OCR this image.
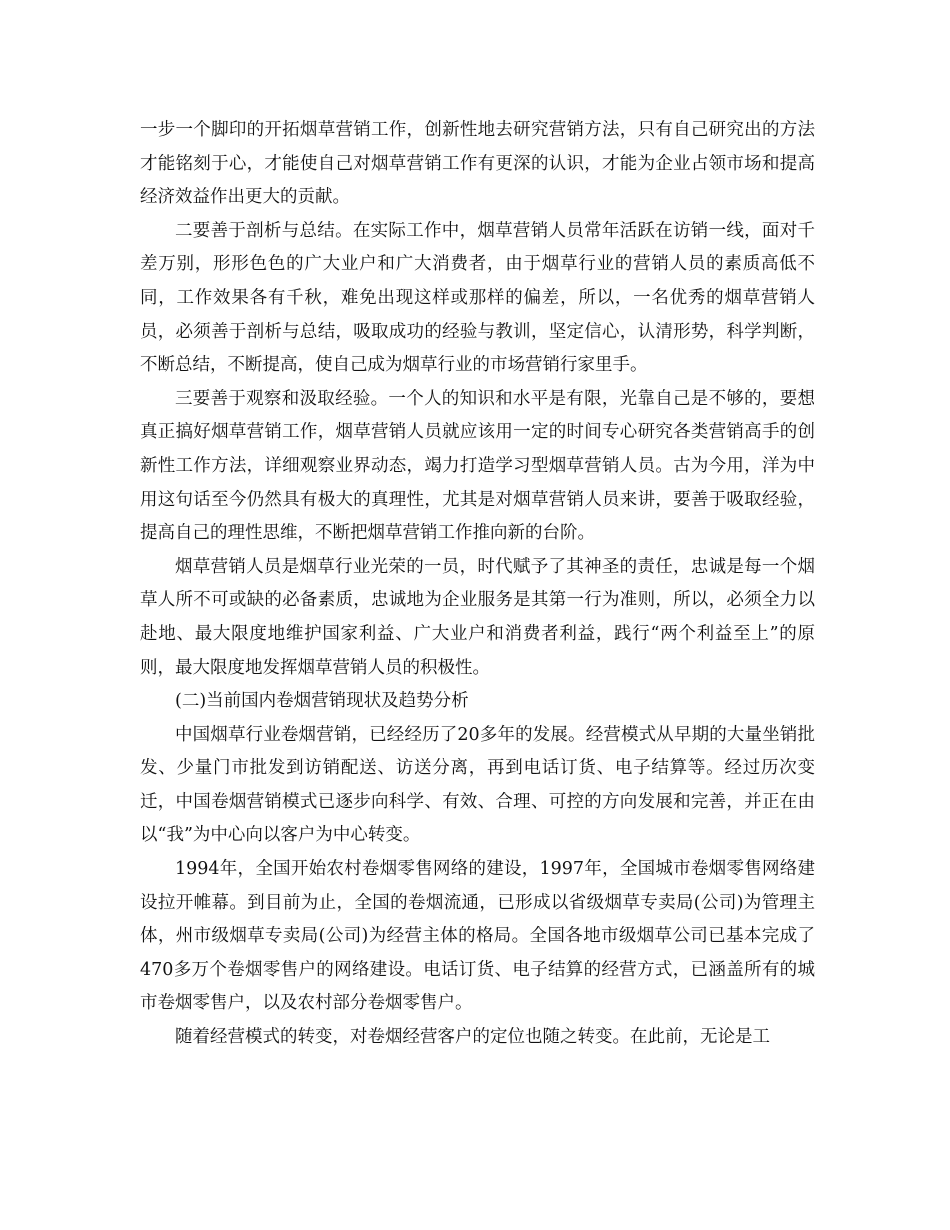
一步一个脚印的开拓烟草营销工作，创新性地去研究营销方法，只有自己研究出的方法才能铭刻于心，才能使自己对烟草营销工作有更深的认识，才能为企业占领市场和提高经济效益作出更大的贡献。

二要善于剖析与总结。在实际工作中，烟草营销人员常年活跃在访销一线，面对千差万别，形形色色的广大业户和广大消费者，由于烟草行业的营销人员的素质高低不同，工作效果各有千秋，难免出现这样或那样的偏差，所以，一名优秀的烟草营销人员，必须善于剖析与总结，吸取成功的经验与教训，坚定信心，认清形势，科学判断，不断总结，不断提高，使自己成为烟草行业的市场营销行家里手。

三要善于观察和汲取经验。一个人的知识和水平是有限，光靠自己是不够的，要想真正搞好烟草营销工作，烟草营销人员就应该用一定的时间专心研究各类营销高手的创新性工作方法，详细观察业界动态，竭力打造学习型烟草营销人员。古为今用，洋为中用这句话至今仍然具有极大的真理性，尤其是对烟草营销人员来讲，要善于吸取经验，提高自己的理性思维，不断把烟草营销工作推向新的台阶。

烟草营销人员是烟草行业光荣的一员，时代赋予了其神圣的责任，忠诚是每一个烟草人所不可或缺的必备素质，忠诚地为企业服务是其第一行为准则，所以，必须全力以赴地、最大限度地维护国家利益、广大业户和消费者利益，践行“两个利益至上”的原则，最大限度地发挥烟草营销人员的积极性。

(二)当前国内卷烟营销现状及趋势分析

中国烟草行业卷烟营销，已经经历了20多年的发展。经营模式从早期的大量坐销批发、少量门市批发到访销配送、访送分离，再到电话订货、电子结算等。经过历次变迁，中国卷烟营销模式已逐步向科学、有效、合理、可控的方向发展和完善，并正在由以“我”为中心向以客户为中心转变。

1994年，全国开始农村卷烟零售网络的建设，1997年，全国城市卷烟零售网络建设拉开帷幕。到目前为止，全国的卷烟流通，已形成以省级烟草专卖局(公司)为管理主体，州市级烟草专卖局(公司)为经营主体的格局。全国各地市级烟草公司已基本完成了470多万个卷烟零售户的网络建设。电话订货、电子结算的经营方式，已涵盖所有的城市卷烟零售户，以及农村部分卷烟零售户。

随着经营模式的转变，对卷烟经营客户的定位也随之转变。在此前，无论是工
